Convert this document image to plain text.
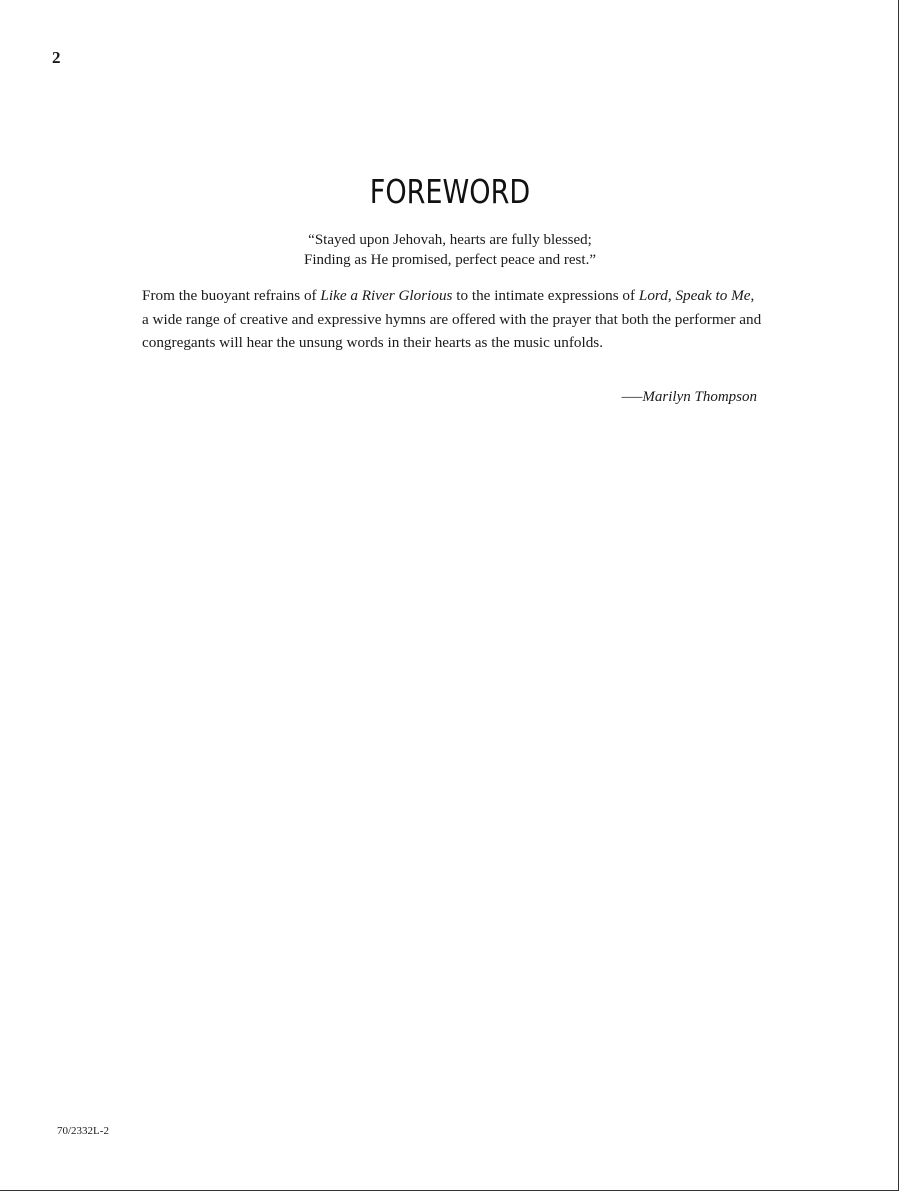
2
FOREWORD
“Stayed upon Jehovah, hearts are fully blessed;
Finding as He promised, perfect peace and rest.”
From the buoyant refrains of Like a River Glorious to the intimate expressions of Lord, Speak to Me, a wide range of creative and expressive hymns are offered with the prayer that both the performer and congregants will hear the unsung words in their hearts as the music unfolds.
—–Marilyn Thompson
70/2332L-2
